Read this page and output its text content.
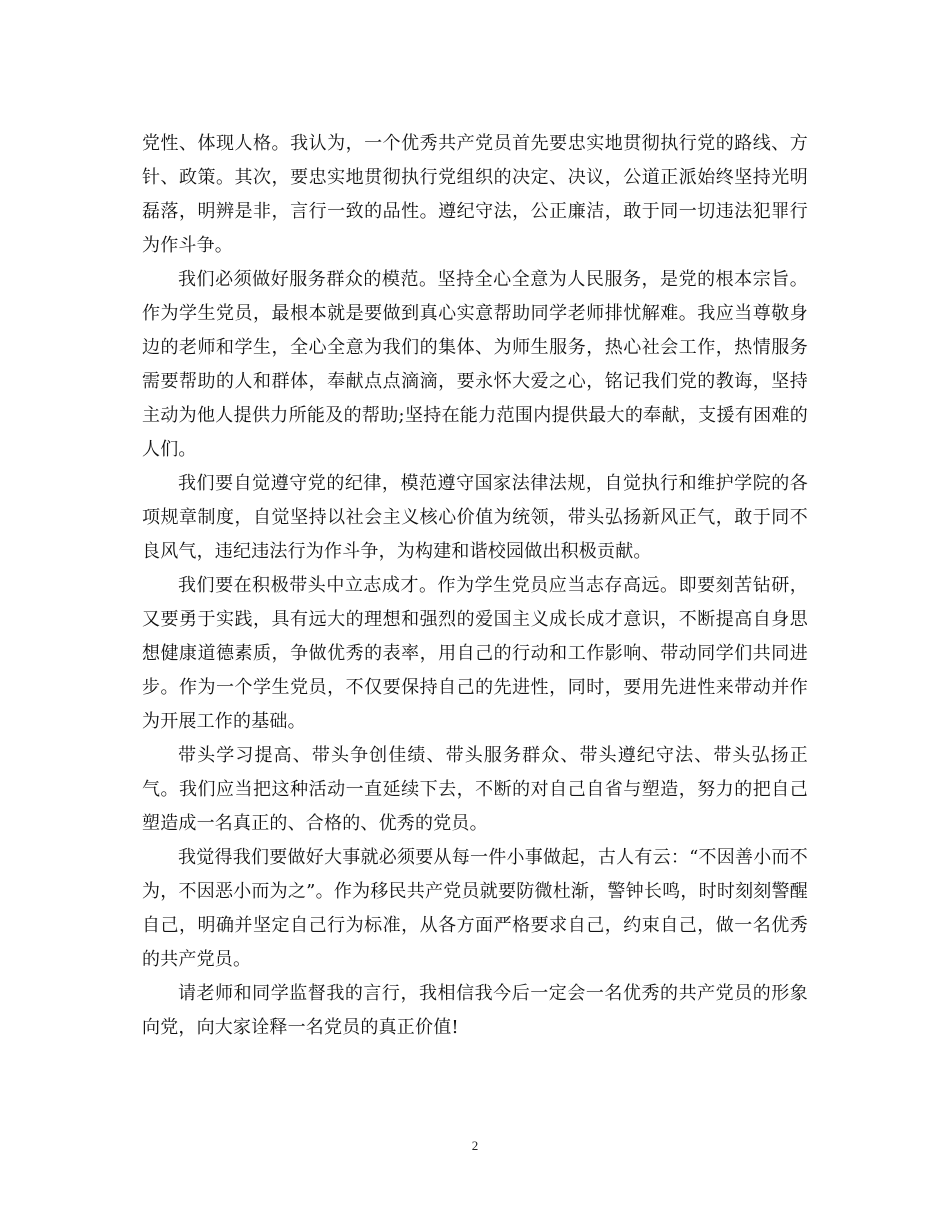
党性、体现人格。我认为，一个优秀共产党员首先要忠实地贯彻执行党的路线、方针、政策。其次，要忠实地贯彻执行党组织的决定、决议，公道正派始终坚持光明磊落，明辨是非，言行一致的品性。遵纪守法，公正廉洁，敢于同一切违法犯罪行为作斗争。

我们必须做好服务群众的模范。坚持全心全意为人民服务，是党的根本宗旨。作为学生党员，最根本就是要做到真心实意帮助同学老师排忧解难。我应当尊敬身边的老师和学生，全心全意为我们的集体、为师生服务，热心社会工作，热情服务需要帮助的人和群体，奉献点点滴滴，要永怀大爱之心，铭记我们党的教诲，坚持主动为他人提供力所能及的帮助;坚持在能力范围内提供最大的奉献，支援有困难的人们。

我们要自觉遵守党的纪律，模范遵守国家法律法规，自觉执行和维护学院的各项规章制度，自觉坚持以社会主义核心价值为统领，带头弘扬新风正气，敢于同不良风气，违纪违法行为作斗争，为构建和谐校园做出积极贡献。

我们要在积极带头中立志成才。作为学生党员应当志存高远。即要刻苦钻研，又要勇于实践，具有远大的理想和强烈的爱国主义成长成才意识，不断提高自身思想健康道德素质，争做优秀的表率，用自己的行动和工作影响、带动同学们共同进步。作为一个学生党员，不仅要保持自己的先进性，同时，要用先进性来带动并作为开展工作的基础。

带头学习提高、带头争创佳绩、带头服务群众、带头遵纪守法、带头弘扬正气。我们应当把这种活动一直延续下去，不断的对自己自省与塑造，努力的把自己塑造成一名真正的、合格的、优秀的党员。

我觉得我们要做好大事就必须要从每一件小事做起，古人有云：“不因善小而不为，不因恶小而为之”。作为移民共产党员就要防微杜渐，警钟长鸣，时时刻刻警醒自己，明确并坚定自己行为标准，从各方面严格要求自己，约束自己，做一名优秀的共产党员。

请老师和同学监督我的言行，我相信我今后一定会一名优秀的共产党员的形象向党，向大家诠释一名党员的真正价值!

2
